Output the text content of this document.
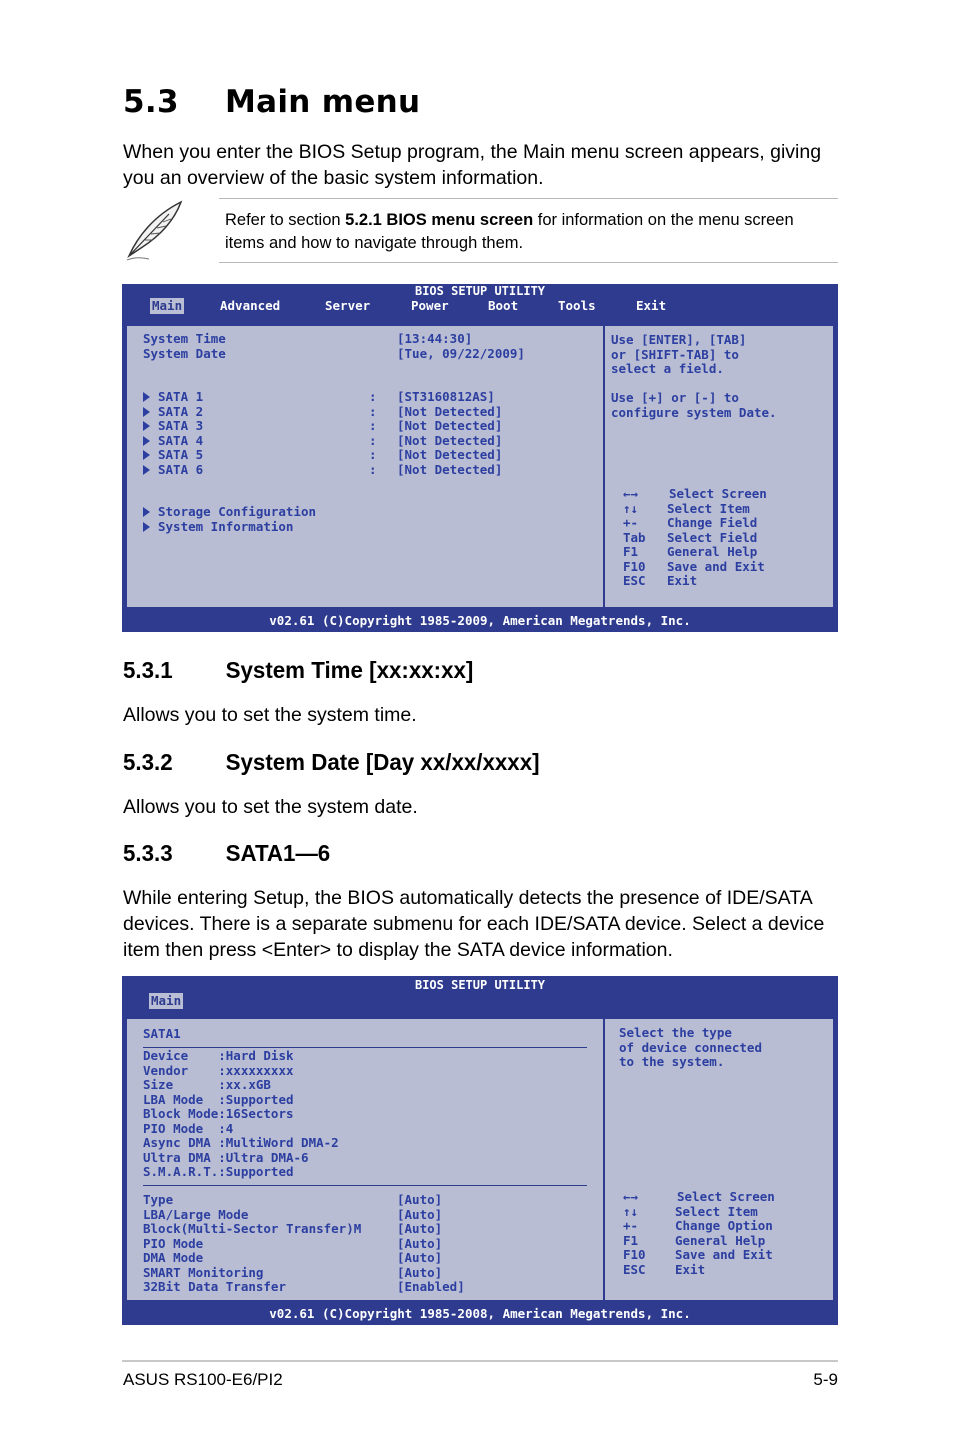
5.3 Main menu
When you enter the BIOS Setup program, the Main menu screen appears, giving you an overview of the basic system information.
Refer to section 5.2.1 BIOS menu screen for information on the menu screen items and how to navigate through them.
BIOS SETUP UTILITY
Main	Advanced	Server	Power	Boot	Tools	Exit
System Time	[13:44:30]
System Date	[Tue, 09/22/2009]
SATA 1	: [ST3160812AS]
SATA 2	: [Not Detected]
SATA 3	: [Not Detected]
SATA 4	: [Not Detected]
SATA 5	: [Not Detected]
SATA 6	: [Not Detected]
Storage Configuration
System Information
Use [ENTER], [TAB]
or [SHIFT-TAB] to
select a field.
Use [+] or [-] to
configure system Date.
←→ Select Screen
↑↓ Select Item
+- Change Field
Tab Select Field
F1 General Help
F10 Save and Exit
ESC Exit
v02.61 (C)Copyright 1985-2009, American Megatrends, Inc.
5.3.1 System Time [xx:xx:xx]
Allows you to set the system time.
5.3.2 System Date [Day xx/xx/xxxx]
Allows you to set the system date.
5.3.3 SATA1—6
While entering Setup, the BIOS automatically detects the presence of IDE/SATA devices. There is a separate submenu for each IDE/SATA device. Select a device item then press <Enter> to display the SATA device information.
BIOS SETUP UTILITY
Main
SATA1
Device    :Hard Disk
Vendor    :xxxxxxxxx
Size      :xx.xGB
LBA Mode  :Supported
Block Mode:16Sectors
PIO Mode  :4
Async DMA :MultiWord DMA-2
Ultra DMA :Ultra DMA-6
S.M.A.R.T.:Supported
Type	[Auto]
LBA/Large Mode	[Auto]
Block(Multi-Sector Transfer)M	[Auto]
PIO Mode	[Auto]
DMA Mode	[Auto]
SMART Monitoring	[Auto]
32Bit Data Transfer	[Enabled]
Select the type
of device connected
to the system.
←→	Select Screen
↑↓	Select Item
+-	Change Option
F1	General Help
F10 Save and Exit
ESC Exit
v02.61 (C)Copyright 1985-2008, American Megatrends, Inc.
ASUS RS100-E6/PI2	5-9
